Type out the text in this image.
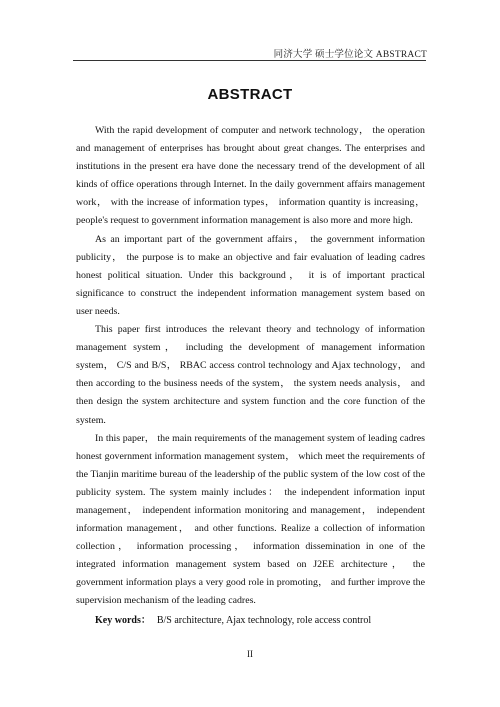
同济大学 硕士学位论文 ABSTRACT
ABSTRACT

With the rapid development of computer and network technology， the operation and management of enterprises has brought about great changes. The enterprises and institutions in the present era have done the necessary trend of the development of all kinds of office operations through Internet. In the daily government affairs management work， with the increase of information types， information quantity is increasing， people's request to government information management is also more and more high.

As an important part of the government affairs， the government information publicity， the purpose is to make an objective and fair evaluation of leading cadres honest political situation. Under this background， it is of important practical significance to construct the independent information management system based on user needs.

This paper first introduces the relevant theory and technology of information management system， including the development of management information system， C/S and B/S， RBAC access control technology and Ajax technology， and then according to the business needs of the system， the system needs analysis， and then design the system architecture and system function and the core function of the system.

In this paper， the main requirements of the management system of leading cadres honest government information management system， which meet the requirements of the Tianjin maritime bureau of the leadership of the public system of the low cost of the publicity system. The system mainly includes： the independent information input management， independent information monitoring and management， independent information management， and other functions. Realize a collection of information collection， information processing， information dissemination in one of the integrated information management system based on J2EE architecture， the government information plays a very good role in promoting， and further improve the supervision mechanism of the leading cadres.

Key words： B/S architecture, Ajax technology, role access control
II
